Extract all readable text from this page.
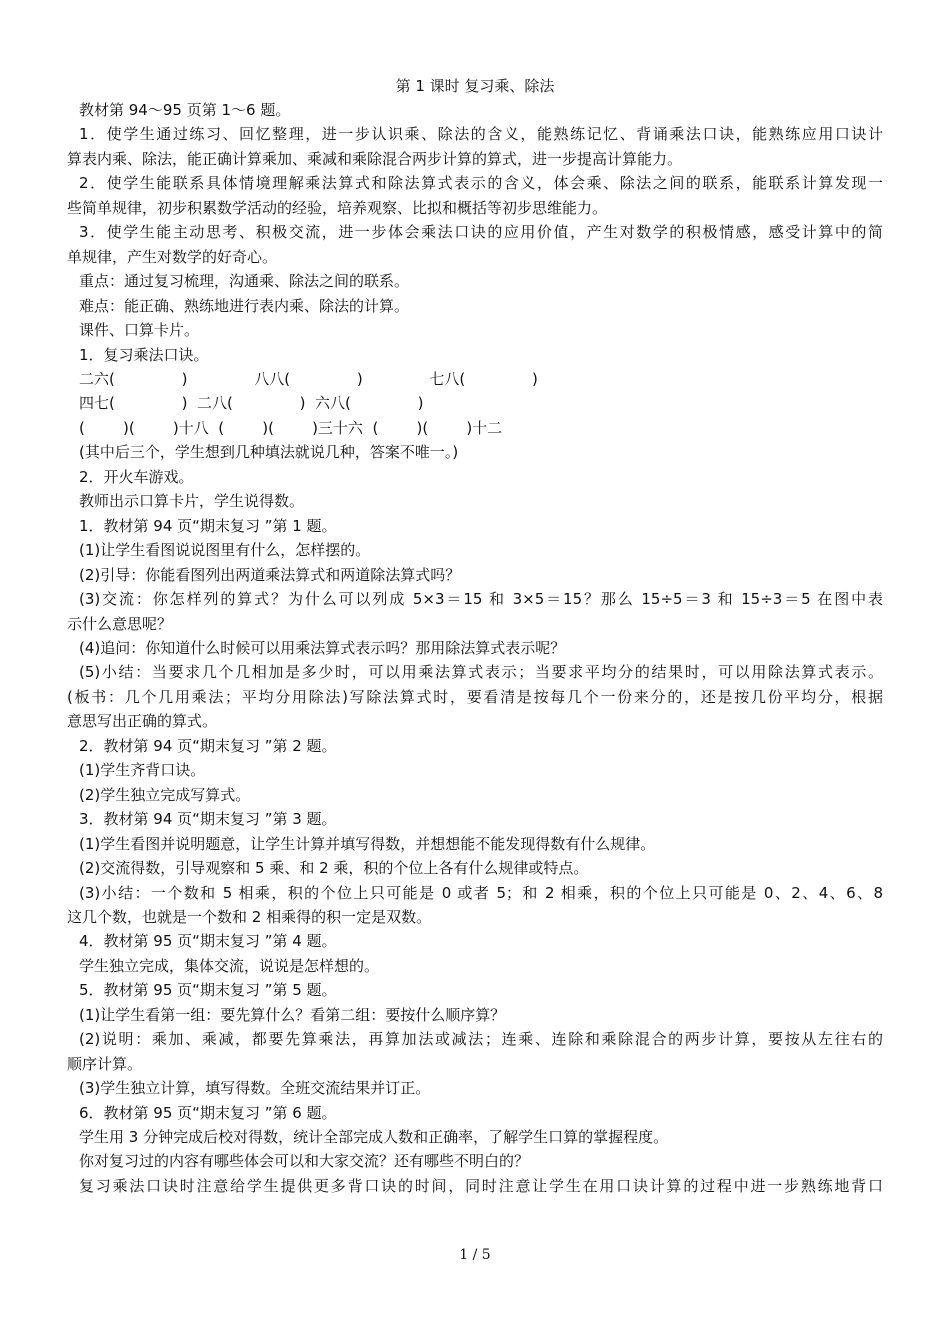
第 1 课时 复习乘、除法
教材第 94～95 页第 1～6 题。
1．使学生通过练习、回忆整理，进一步认识乘、除法的含义，能熟练记忆、背诵乘法口诀，能熟练应用口诀计
算表内乘、除法，能正确计算乘加、乘减和乘除混合两步计算的算式，进一步提高计算能力。
2．使学生能联系具体情境理解乘法算式和除法算式表示的含义，体会乘、除法之间的联系，能联系计算发现一
些简单规律，初步积累数学活动的经验，培养观察、比拟和概括等初步思维能力。
3．使学生能主动思考、积极交流，进一步体会乘法口诀的应用价值，产生对数学的积极情感，感受计算中的简
单规律，产生对数学的好奇心。
重点：通过复习梳理，沟通乘、除法之间的联系。
难点：能正确、熟练地进行表内乘、除法的计算。
课件、口算卡片。
1．复习乘法口诀。
二六(              )              八八(              )              七八(              )
四七(              )  二八(              )  六八(              )
(        )(        )十八  (        )(        )三十六  (        )(        )十二
(其中后三个，学生想到几种填法就说几种，答案不唯一。)
2．开火车游戏。
教师出示口算卡片，学生说得数。
1．教材第 94 页“期末复习 ”第 1 题。
(1)让学生看图说说图里有什么，怎样摆的。
(2)引导：你能看图列出两道乘法算式和两道除法算式吗？
(3)交流：你怎样列的算式？为什么可以列成 5×3＝15 和 3×5＝15？那么 15÷5＝3 和 15÷3＝5 在图中表
示什么意思呢？
(4)追问：你知道什么时候可以用乘法算式表示吗？那用除法算式表示呢？
(5)小结：当要求几个几相加是多少时，可以用乘法算式表示；当要求平均分的结果时，可以用除法算式表示。
(板书：几个几用乘法；平均分用除法)写除法算式时，要看清是按每几个一份来分的，还是按几份平均分，根据
意思写出正确的算式。
2．教材第 94 页“期末复习 ”第 2 题。
(1)学生齐背口诀。
(2)学生独立完成写算式。
3．教材第 94 页“期末复习 ”第 3 题。
(1)学生看图并说明题意，让学生计算并填写得数，并想想能不能发现得数有什么规律。
(2)交流得数，引导观察和 5 乘、和 2 乘，积的个位上各有什么规律或特点。
(3)小结：一个数和 5 相乘，积的个位上只可能是 0 或者 5；和 2 相乘，积的个位上只可能是 0、2、4、6、8
这几个数，也就是一个数和 2 相乘得的积一定是双数。
4．教材第 95 页“期末复习 ”第 4 题。
学生独立完成，集体交流，说说是怎样想的。
5．教材第 95 页“期末复习 ”第 5 题。
(1)让学生看第一组：要先算什么？看第二组：要按什么顺序算？
(2)说明：乘加、乘减，都要先算乘法，再算加法或减法；连乘、连除和乘除混合的两步计算，要按从左往右的
顺序计算。
(3)学生独立计算，填写得数。全班交流结果并订正。
6．教材第 95 页“期末复习 ”第 6 题。
学生用 3 分钟完成后校对得数，统计全部完成人数和正确率，了解学生口算的掌握程度。
你对复习过的内容有哪些体会可以和大家交流？还有哪些不明白的？
复习乘法口诀时注意给学生提供更多背口诀的时间，同时注意让学生在用口诀计算的过程中进一步熟练地背口
1 / 5
